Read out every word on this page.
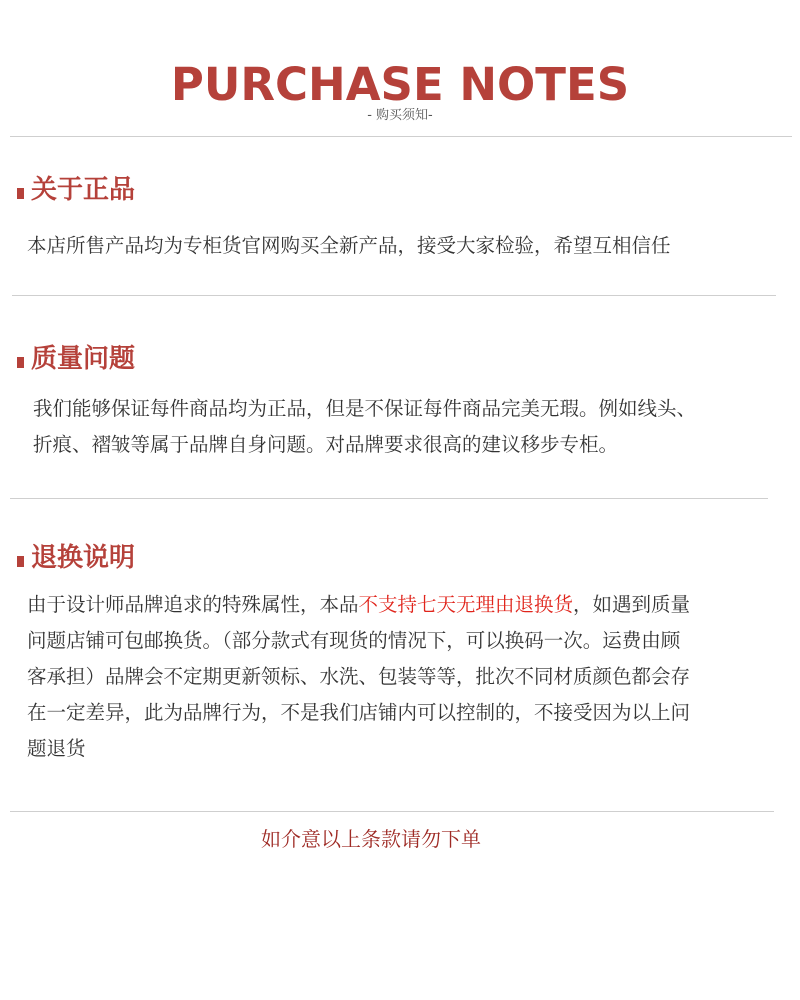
PURCHASE NOTES
- 购买须知-
关于正品
本店所售产品均为专柜货官网购买全新产品，接受大家检验，希望互相信任
质量问题
我们能够保证每件商品均为正品，但是不保证每件商品完美无瑕。例如线头、
折痕、褶皱等属于品牌自身问题。对品牌要求很高的建议移步专柜。
退换说明
由于设计师品牌追求的特殊属性，本品不支持七天无理由退换货，如遇到质量
问题店铺可包邮换货。（部分款式有现货的情况下，可以换码一次。运费由顾
客承担）品牌会不定期更新领标、水洗、包装等等，批次不同材质颜色都会存
在一定差异，此为品牌行为，不是我们店铺内可以控制的，不接受因为以上问
题退货
如介意以上条款请勿下单
